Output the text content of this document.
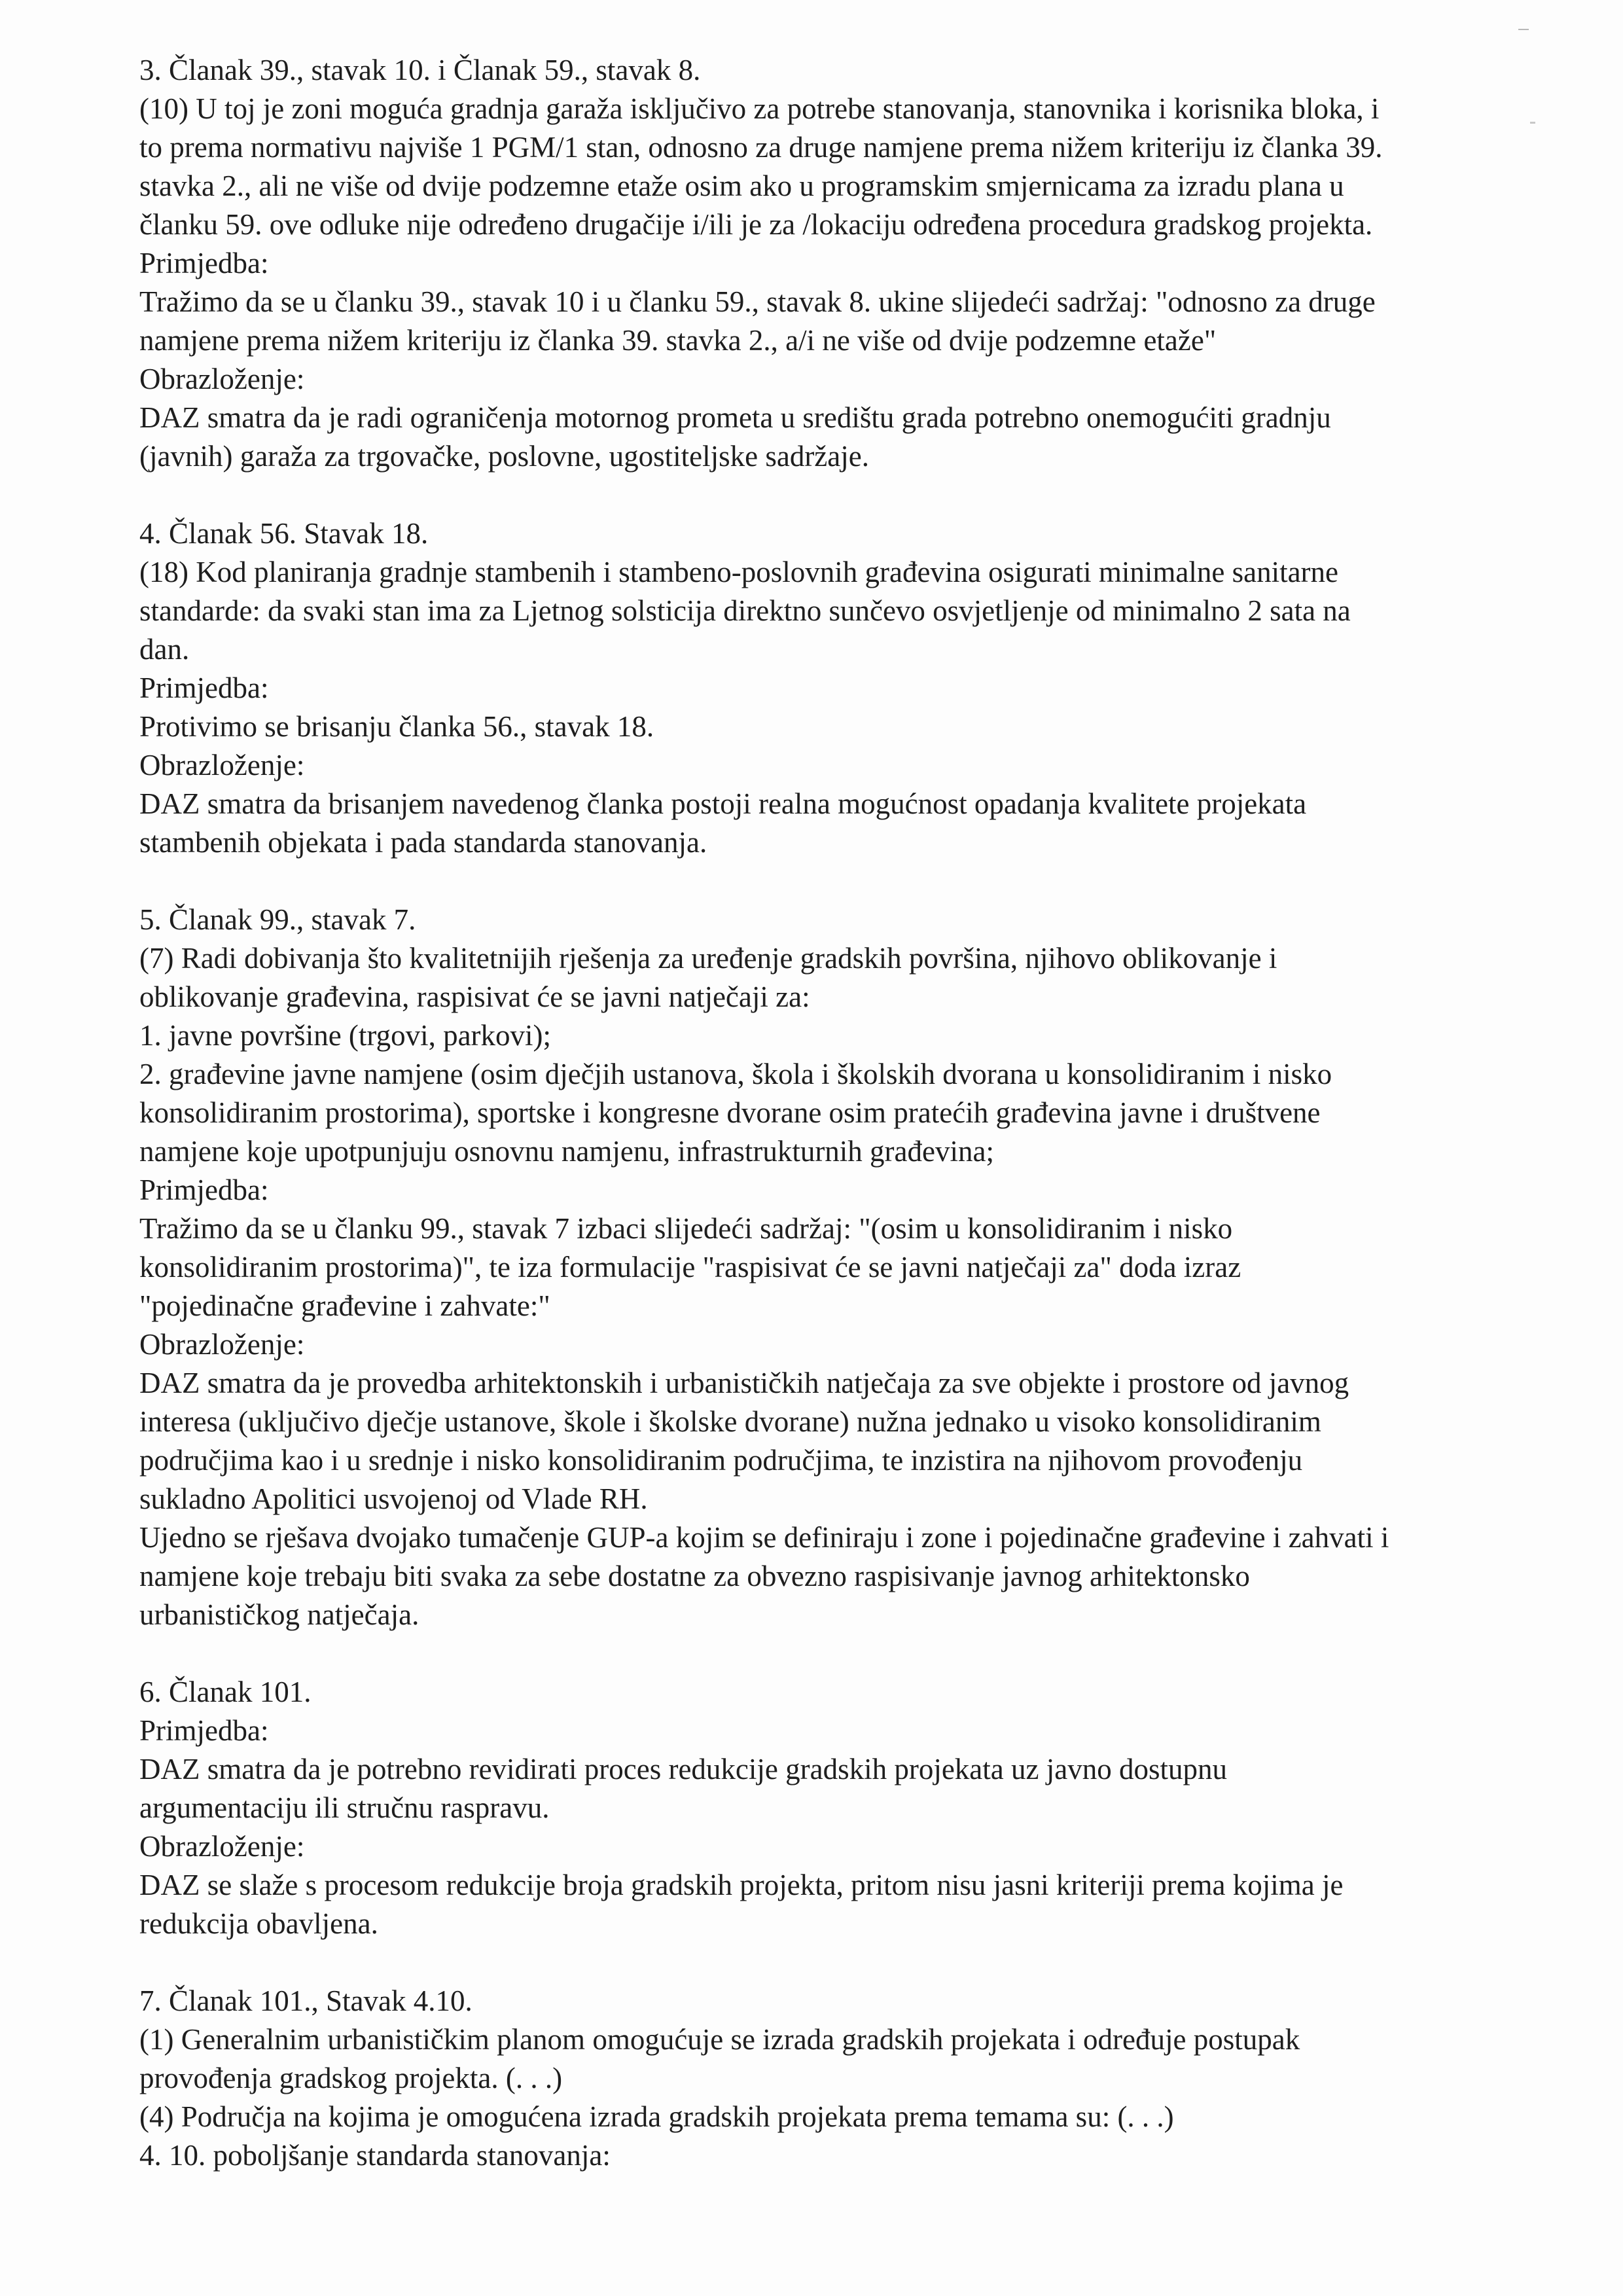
3. Članak 39., stavak 10. i Članak 59., stavak 8.

(10) U toj je zoni moguća gradnja garaža isključivo za potrebe stanovanja, stanovnika i korisnika bloka, i

to prema normativu najviše 1 PGM/1 stan, odnosno za druge namjene prema nižem kriteriju iz članka 39.

stavka 2., ali ne više od dvije podzemne etaže osim ako u programskim smjernicama za izradu plana u

članku 59. ove odluke nije određeno drugačije i/ili je za /lokaciju određena procedura gradskog projekta.

Primjedba:

Tražimo da se u članku 39., stavak 10 i u članku 59., stavak 8. ukine slijedeći sadržaj: "odnosno za druge

namjene prema nižem kriteriju iz članka 39. stavka 2., a/i ne više od dvije podzemne etaže"

Obrazloženje:

DAZ smatra da je radi ograničenja motornog prometa u središtu grada potrebno onemogućiti gradnju

(javnih) garaža za trgovačke, poslovne, ugostiteljske sadržaje.

4. Članak 56. Stavak 18.

(18) Kod planiranja gradnje stambenih i stambeno-poslovnih građevina osigurati minimalne sanitarne

standarde: da svaki stan ima za Ljetnog solsticija direktno sunčevo osvjetljenje od minimalno 2 sata na

dan.

Primjedba:

Protivimo se brisanju članka 56., stavak 18.

Obrazloženje:

DAZ smatra da brisanjem navedenog članka postoji realna mogućnost opadanja kvalitete projekata

stambenih objekata i pada standarda stanovanja.

5. Članak 99., stavak 7.

(7) Radi dobivanja što kvalitetnijih rješenja za uređenje gradskih površina, njihovo oblikovanje i

oblikovanje građevina, raspisivat će se javni natječaji za:

1. javne površine (trgovi, parkovi);

2. građevine javne namjene (osim dječjih ustanova, škola i školskih dvorana u konsolidiranim i nisko

konsolidiranim prostorima), sportske i kongresne dvorane osim pratećih građevina javne i društvene

namjene koje upotpunjuju osnovnu namjenu, infrastrukturnih građevina;

Primjedba:

Tražimo da se u članku 99., stavak 7 izbaci slijedeći sadržaj: "(osim u konsolidiranim i nisko

konsolidiranim prostorima)", te iza formulacije "raspisivat će se javni natječaji za" doda izraz

"pojedinačne građevine i zahvate:"

Obrazloženje:

DAZ smatra da je provedba arhitektonskih i urbanističkih natječaja za sve objekte i prostore od javnog

interesa (uključivo dječje ustanove, škole i školske dvorane) nužna jednako u visoko konsolidiranim

područjima kao i u srednje i nisko konsolidiranim područjima, te inzistira na njihovom provođenju

sukladno Apolitici usvojenoj od Vlade RH.

Ujedno se rješava dvojako tumačenje GUP-a kojim se definiraju i zone i pojedinačne građevine i zahvati i

namjene koje trebaju biti svaka za sebe dostatne za obvezno raspisivanje javnog arhitektonsko

urbanističkog natječaja.

6. Članak 101.

Primjedba:

DAZ smatra da je potrebno revidirati proces redukcije gradskih projekata uz javno dostupnu

argumentaciju ili stručnu raspravu.

Obrazloženje:

DAZ se slaže s procesom redukcije broja gradskih projekta, pritom nisu jasni kriteriji prema kojima je

redukcija obavljena.

7. Članak 101., Stavak 4.10.

(1) Generalnim urbanističkim planom omogućuje se izrada gradskih projekata i određuje postupak

provođenja gradskog projekta. (. . .)

(4) Područja na kojima je omogućena izrada gradskih projekata prema temama su: (. . .)

4. 10. poboljšanje standarda stanovanja:
